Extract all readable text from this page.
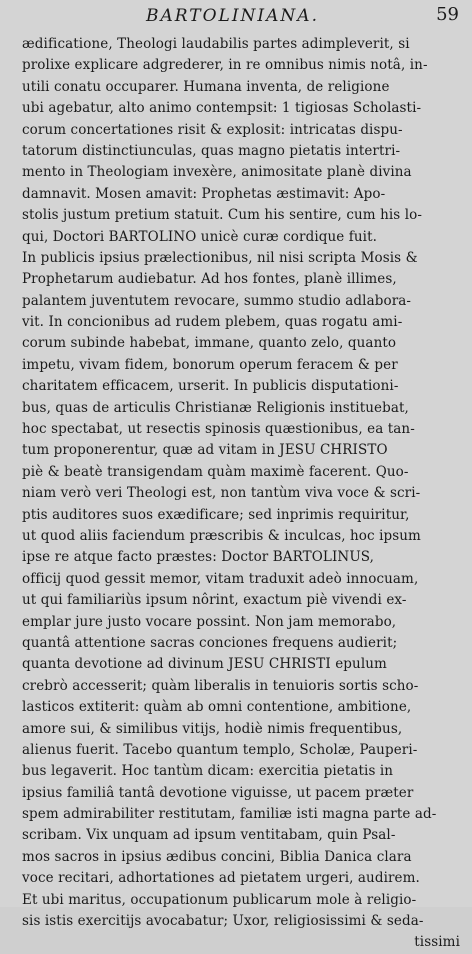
BARTOLINIANA.	59
ædificatione, Theologi laudabilis partes adimpleverit, si
prolixe explicare adgrederer, in re omnibus nimis notâ, in-
utili conatu occuparer. Humana inventa, de religione
ubi agebatur, alto animo contempsit: 1 tigiosas Scholasti-
corum concertationes risit & explosit: intricatas dispu-
tatorum distinctiunculas, quas magno pietatis intertri-
mento in Theologiam invexère, animositate planè divina
damnavit. Mosen amavit: Prophetas æstimavit: Apo-
stolis justum pretium statuit. Cum his sentire, cum his lo-
qui, Doctori BARTOLINO unicè curæ cordique fuit.
In publicis ipsius prælectionibus, nil nisi scripta Mosis &
Prophetarum audiebatur. Ad hos fontes, planè illimes,
palantem juventutem revocare, summo studio adlabora-
vit. In concionibus ad rudem plebem, quas rogatu ami-
corum subinde habebat, immane, quanto zelo, quanto
impetu, vivam fidem, bonorum operum feracem & per
charitatem efficacem, urserit. In publicis disputationi-
bus, quas de articulis Christianæ Religionis instituebat,
hoc spectabat, ut resectis spinosis quæstionibus, ea tan-
tum proponerentur, quæ ad vitam in JESU CHRISTO
piè & beatè transigendam quàm maximè facerent. Quo-
niam verò veri Theologi est, non tantùm viva voce & scri-
ptis auditores suos exædificare; sed inprimis requiritur,
ut quod aliis faciendum præscribis & inculcas, hoc ipsum
ipse re atque facto præstes: Doctor BARTOLINUS,
officij quod gessit memor, vitam traduxit adeò innocuam,
ut qui familiariùs ipsum nôrint, exactum piè vivendi ex-
emplar jure justo vocare possint. Non jam memorabo,
quantâ attentione sacras conciones frequens audierit;
quanta devotione ad divinum JESU CHRISTI epulum
crebrò accesserit; quàm liberalis in tenuioris sortis scho-
lasticos extiterit: quàm ab omni contentione, ambitione,
amore sui, & similibus vitijs, hodiè nimis frequentibus,
alienus fuerit. Tacebo quantum templo, Scholæ, Pauperi-
bus legaverit. Hoc tantùm dicam: exercitia pietatis in
ipsius familiâ tantâ devotione viguisse, ut pacem præter
spem admirabiliter restitutam, familiæ isti magna parte ad-
scribam. Vix unquam ad ipsum ventitabam, quin Psal-
mos sacros in ipsius ædibus concini, Biblia Danica clara
voce recitari, adhortationes ad pietatem urgeri, audirem.
Et ubi maritus, occupationum publicarum mole à religio-
sis istis exercitijs avocabatur; Uxor, religiosissimi & seda-
tissimi
